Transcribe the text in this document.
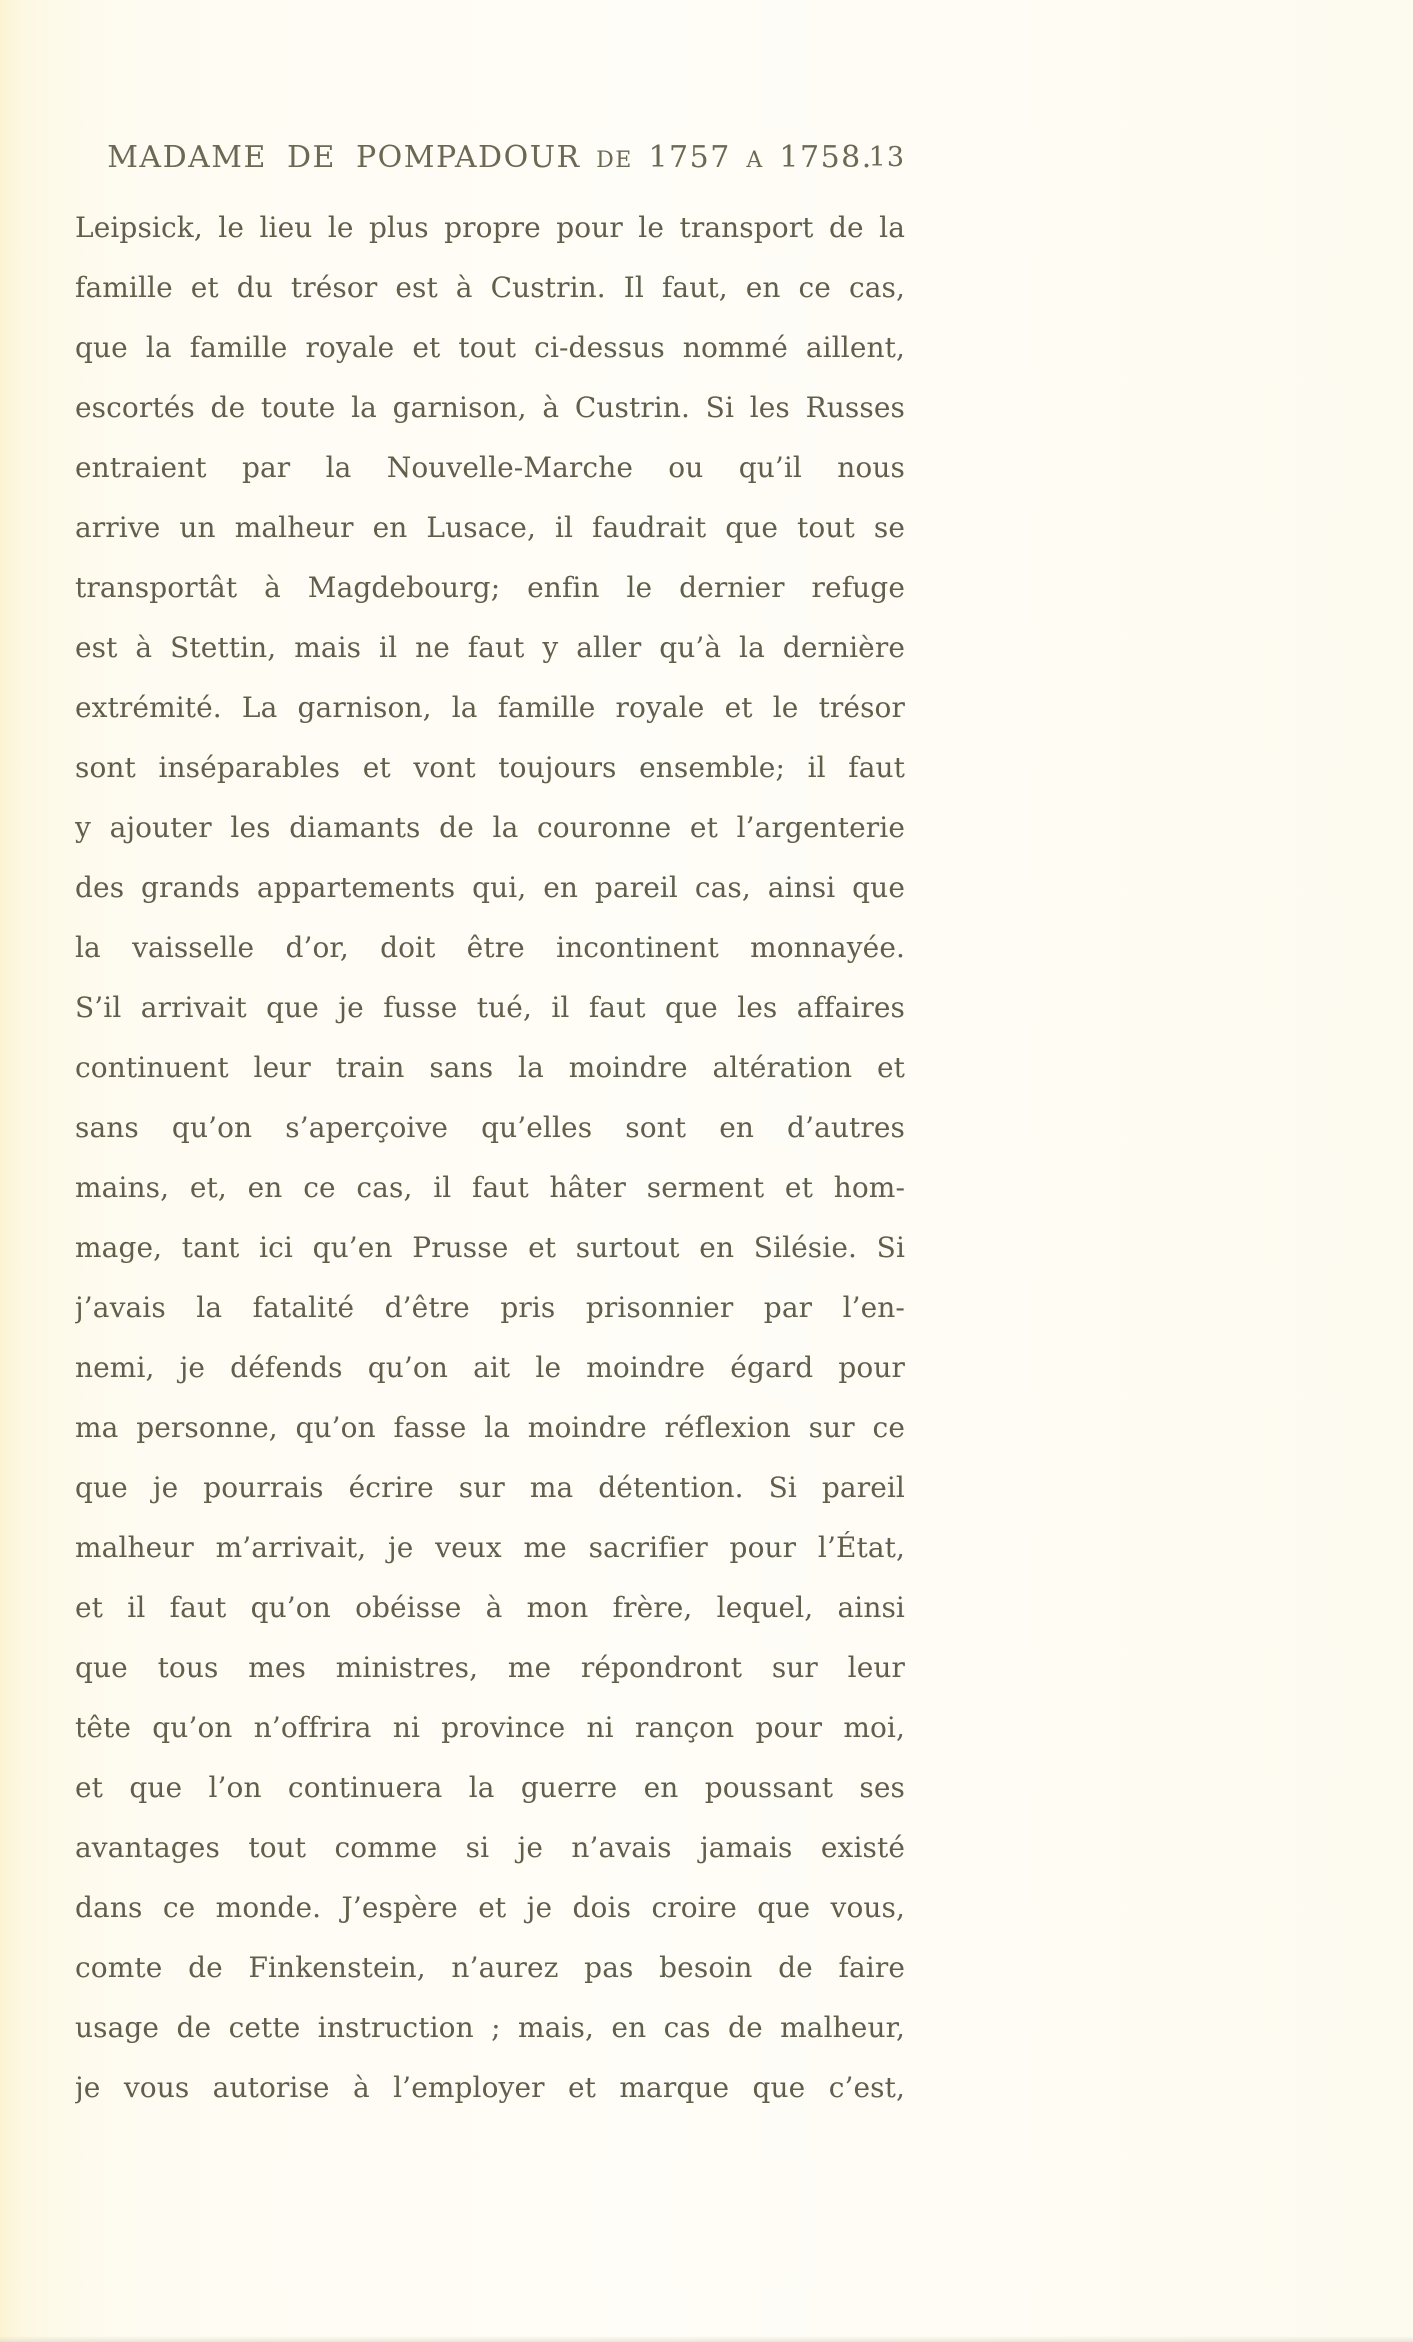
MADAME DE POMPADOUR DE 1757 A 1758.
13
Leipsick, le lieu le plus propre pour le transport de la
famille et du trésor est à Custrin. Il faut, en ce cas,
que la famille royale et tout ci-dessus nommé aillent,
escortés de toute la garnison, à Custrin. Si les Russes
entraient par la Nouvelle-Marche ou qu’il nous
arrive un malheur en Lusace, il faudrait que tout se
transportât à Magdebourg; enfin le dernier refuge
est à Stettin, mais il ne faut y aller qu’à la dernière
extrémité. La garnison, la famille royale et le trésor
sont inséparables et vont toujours ensemble; il faut
y ajouter les diamants de la couronne et l’argenterie
des grands appartements qui, en pareil cas, ainsi que
la vaisselle d’or, doit être incontinent monnayée.
S’il arrivait que je fusse tué, il faut que les affaires
continuent leur train sans la moindre altération et
sans qu’on s’aperçoive qu’elles sont en d’autres
mains, et, en ce cas, il faut hâter serment et hom-
mage, tant ici qu’en Prusse et surtout en Silésie. Si
j’avais la fatalité d’être pris prisonnier par l’en-
nemi, je défends qu’on ait le moindre égard pour
ma personne, qu’on fasse la moindre réflexion sur ce
que je pourrais écrire sur ma détention. Si pareil
malheur m’arrivait, je veux me sacrifier pour l’État,
et il faut qu’on obéisse à mon frère, lequel, ainsi
que tous mes ministres, me répondront sur leur
tête qu’on n’offrira ni province ni rançon pour moi,
et que l’on continuera la guerre en poussant ses
avantages tout comme si je n’avais jamais existé
dans ce monde. J’espère et je dois croire que vous,
comte de Finkenstein, n’aurez pas besoin de faire
usage de cette instruction ; mais, en cas de malheur,
je vous autorise à l’employer et marque que c’est,
